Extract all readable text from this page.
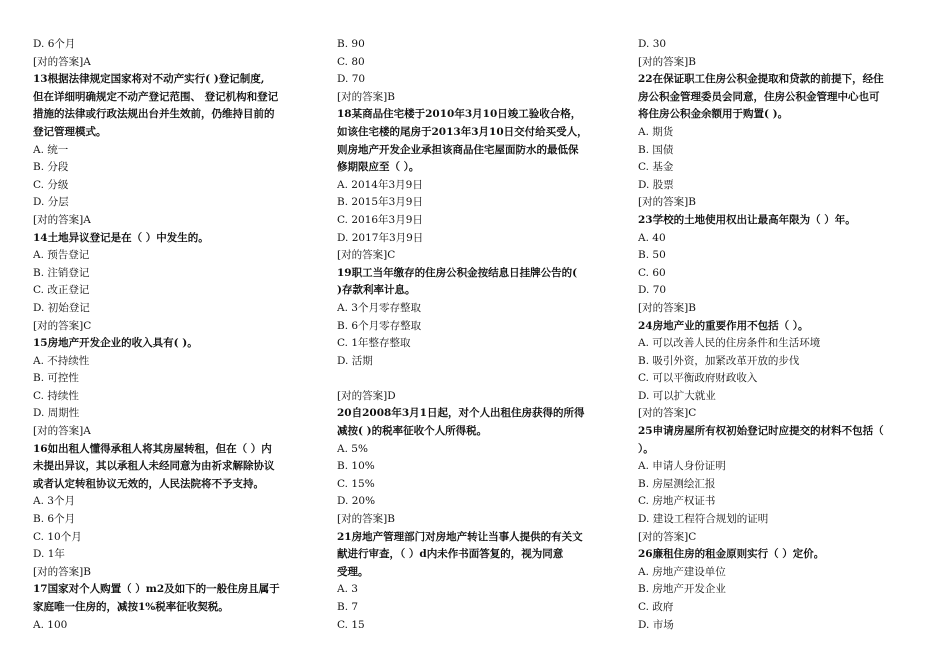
D. 6个月
[对的答案]A
13根据法律规定国家将对不动产实行( )登记制度,
但在详细明确规定不动产登记范围、 登记机构和登记
措施的法律或行政法规出台并生效前，仍维持目前的
登记管理模式。
A. 统一
B. 分段
C. 分级
D. 分层
[对的答案]A
14土地异议登记是在（ ）中发生的。
A. 预告登记
B. 注销登记
C. 改正登记
D. 初始登记
[对的答案]C
15房地产开发企业的收入具有( )。
A. 不持续性
B. 可控性
C. 持续性
D. 周期性
[对的答案]A
16如出租人懂得承租人将其房屋转租，但在（ ）内
未提出异议，其以承租人未经同意为由祈求解除协议
或者认定转租协议无效的，人民法院将不予支持。
A. 3个月
B. 6个月
C. 10个月
D. 1年
[对的答案]B
17国家对个人购置（ ）m2及如下的一般住房且属于
家庭唯一住房的，减按1%税率征收契税。
A. 100
B. 90
C. 80
D. 70
[对的答案]B
18某商品住宅楼于2010年3月10日竣工验收合格，
如该住宅楼的尾房于2013年3月10日交付给买受人，
则房地产开发企业承担该商品住宅屋面防水的最低保
修期限应至（ ）。
A. 2014年3月9日
B. 2015年3月9日
C. 2016年3月9日
D. 2017年3月9日
[对的答案]C
19职工当年缴存的住房公积金按结息日挂牌公告的(
)存款利率计息。
A. 3个月零存整取
B. 6个月零存整取
C. 1年整存整取
D. 活期
[对的答案]D
20自2008年3月1日起，对个人出租住房获得的所得
减按( )的税率征收个人所得税。
A. 5%
B. 10%
C. 15%
D. 20%
[对的答案]B
21房地产管理部门对房地产转让当事人提供的有关文
献进行审查，（ ）d内未作书面答复的，视为同意
受理。
A. 3
B. 7
C. 15
D. 30
[对的答案]B
22在保证职工住房公积金提取和贷款的前提下，经住
房公积金管理委员会同意，住房公积金管理中心也可
将住房公积金余额用于购置( )。
A. 期货
B. 国债
C. 基金
D. 股票
[对的答案]B
23学校的土地使用权出让最高年限为（ ）年。
A. 40
B. 50
C. 60
D. 70
[对的答案]B
24房地产业的重要作用不包括（ ）。
A. 可以改善人民的住房条件和生活环境
B. 吸引外资，加紧改革开放的步伐
C. 可以平衡政府财政收入
D. 可以扩大就业
[对的答案]C
25申请房屋所有权初始登记时应提交的材料不包括（
）。
A. 申请人身份证明
B. 房屋测绘汇报
C. 房地产权证书
D. 建设工程符合规划的证明
[对的答案]C
26廉租住房的租金原则实行（ ）定价。
A. 房地产建设单位
B. 房地产开发企业
C. 政府
D. 市场
